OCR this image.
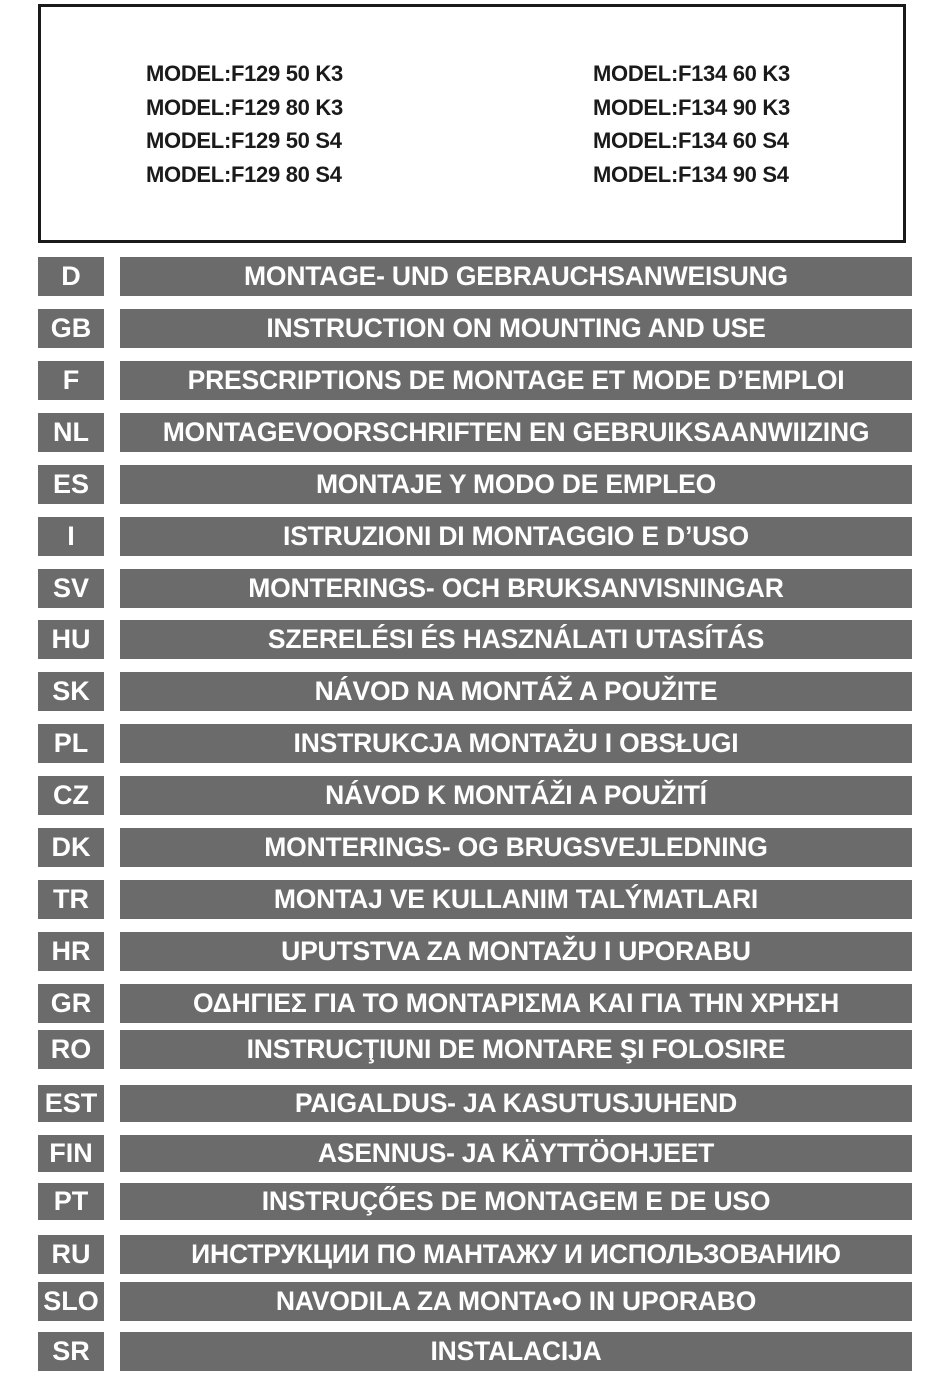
MODEL:F129 50 K3
MODEL:F129 80 K3
MODEL:F129 50 S4
MODEL:F129 80 S4
MODEL:F134 60 K3
MODEL:F134 90 K3
MODEL:F134 60 S4
MODEL:F134 90 S4
D	MONTAGE- UND GEBRAUCHSANWEISUNG
GB	INSTRUCTION ON MOUNTING AND USE
F	PRESCRIPTIONS DE MONTAGE ET MODE D’EMPLOI
NL	MONTAGEVOORSCHRIFTEN EN GEBRUIKSAANWIIZING
ES	MONTAJE Y MODO DE EMPLEO
I	ISTRUZIONI DI MONTAGGIO E D’USO
SV	MONTERINGS- OCH BRUKSANVISNINGAR
HU	SZERELÉSI ÉS HASZNÁLATI UTASÍTÁS
SK	NÁVOD NA MONTÁŽ A POUŽITE
PL	INSTRUKCJA MONTAŻU I OBSŁUGI
CZ	NÁVOD K MONTÁŽI A POUŽITÍ
DK	MONTERINGS- OG BRUGSVEJLEDNING
TR	MONTAJ VE KULLANIM TALÝMATLARI
HR	UPUTSTVA ZA MONTAŽU I UPORABU
GR	ΟΔΗΓΙΕΣ ΓΙΑ ΤΟ ΜΟΝΤΑΡΙΣΜΑ ΚΑΙ ΓΙΑ ΤΗΝ ΧΡΗΣΗ
RO	INSTRUCŢIUNI DE MONTARE ŞI FOLOSIRE
EST	PAIGALDUS- JA KASUTUSJUHEND
FIN	ASENNUS- JA KÄYTTÖOHJEET
PT	INSTRUÇŐES DE MONTAGEM E DE USO
RU	ИНСТРУКЦИИ ПО МАНТАЖУ И ИСПОЛЬЗОВАНИЮ
SLO	NAVODILA ZA MONTA•O IN UPORABO
SR	INSTALACIJA
